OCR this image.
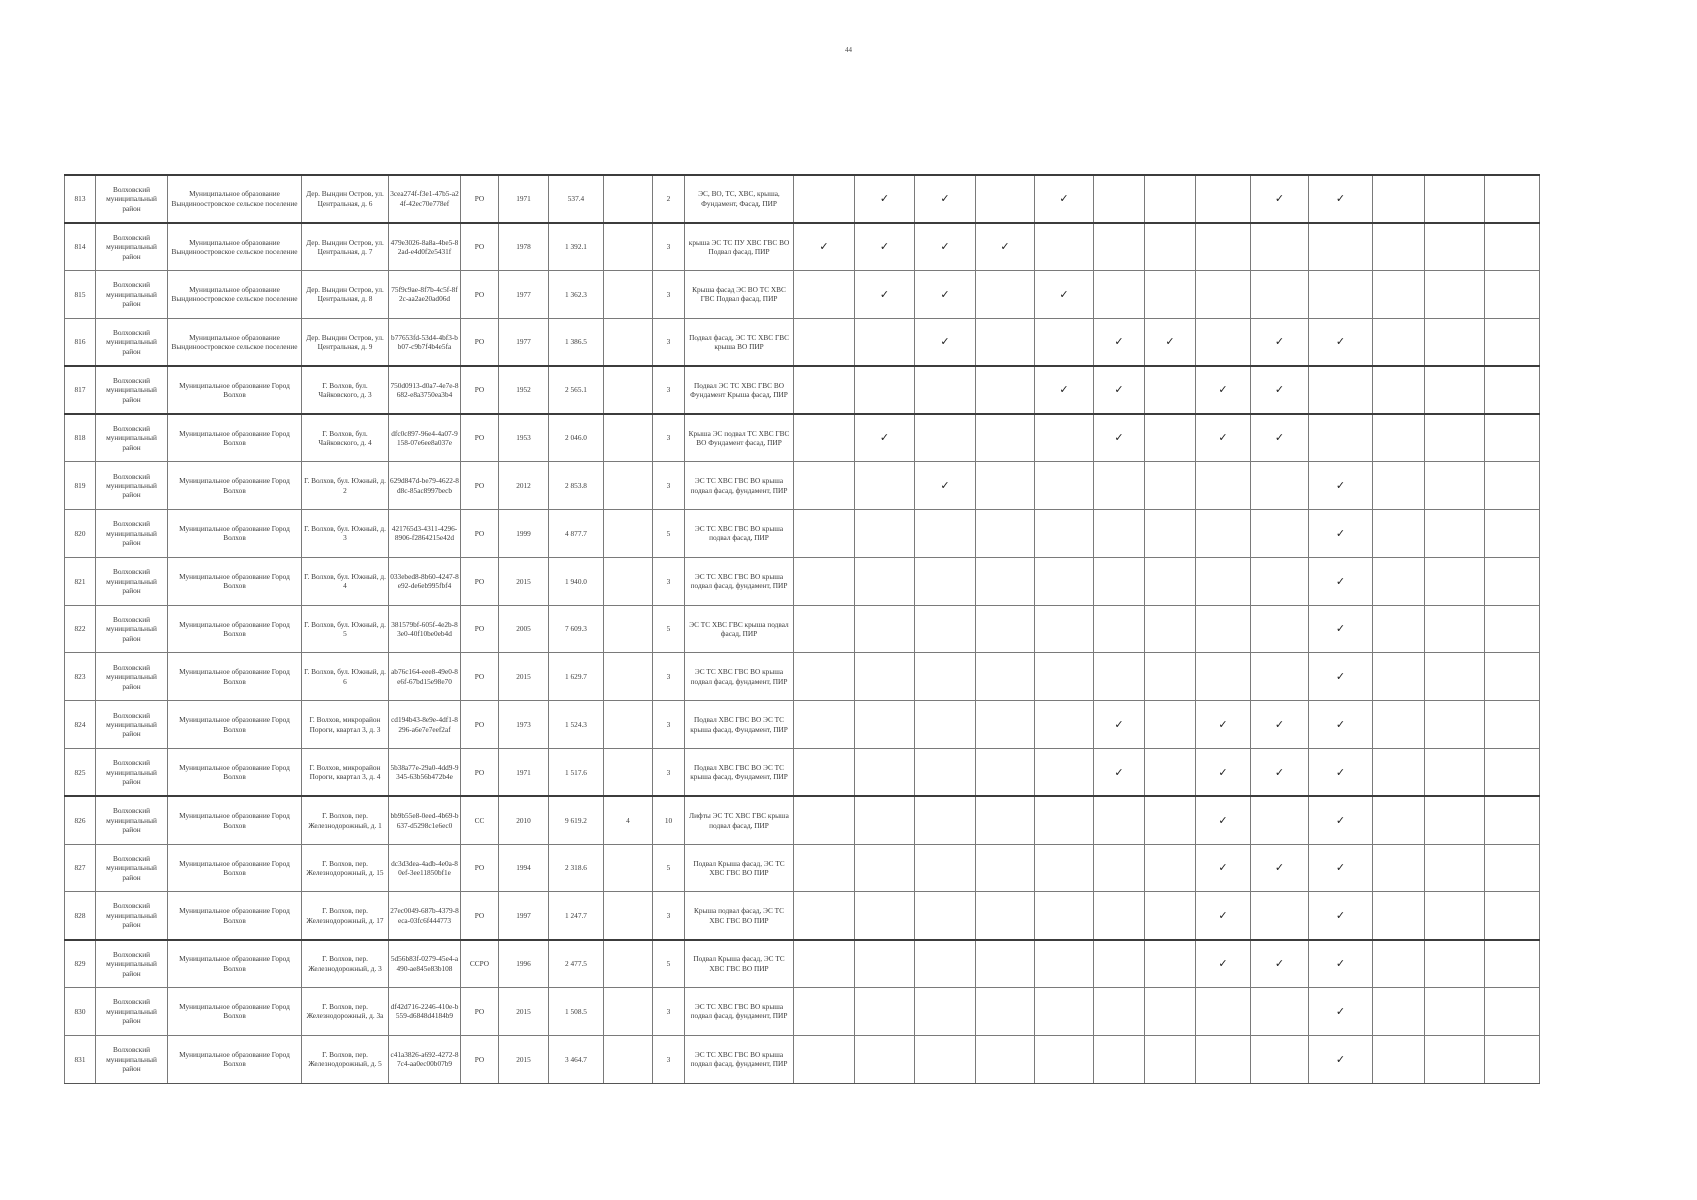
44
813	Волховский муниципальный район	Муниципальное образование Вындиноостровское сельское поселение	Дер. Вындин Остров, ул. Центральная, д. 6	3cea274f-f3e1-47b5-a24f-42ec70e778ef	РО	1971	537.4		2	ЭС, ВО, ТС, ХВС, крыша, Фундамент, Фасад, ПИР		✓	✓		✓				✓	✓			
814	Волховский муниципальный район	Муниципальное образование Вындиноостровское сельское поселение	Дер. Вындин Остров, ул. Центральная, д. 7	479e3026-8a8a-4be5-82ad-e4d0f2e5431f	РО	1978	1 392.1		3	крыша ЭС ТС ПУ ХВС ГВС ВО Подвал фасад, ПИР	✓	✓	✓	✓									
815	Волховский муниципальный район	Муниципальное образование Вындиноостровское сельское поселение	Дер. Вындин Остров, ул. Центральная, д. 8	75f9c9ae-8f7b-4c5f-8f2c-aa2ae20ad06d	РО	1977	1 362.3		3	Крыша фасад ЭС ВО ТС ХВС ГВС Подвал фасад, ПИР		✓	✓		✓								
816	Волховский муниципальный район	Муниципальное образование Вындиноостровское сельское поселение	Дер. Вындин Остров, ул. Центральная, д. 9	b77653fd-53d4-4bf3-bb07-c9b7f4b4e5fa	РО	1977	1 386.5		3	Подвал фасад, ЭС ТС ХВС ГВС крыша ВО ПИР			✓			✓	✓		✓	✓			
817	Волховский муниципальный район	Муниципальное образование Город Волхов	Г. Волхов, бул. Чайковского, д. 3	750d0913-d0a7-4e7e-8682-e8a3750ea3b4	РО	1952	2 565.1		3	Подвал ЭС ТС ХВС ГВС ВО Фундамент Крыша фасад, ПИР					✓	✓		✓	✓				
818	Волховский муниципальный район	Муниципальное образование Город Волхов	Г. Волхов, бул. Чайковского, д. 4	dfc0c897-96e4-4a07-9158-07e6ee8a037e	РО	1953	2 046.0		3	Крыша ЭС подвал ТС ХВС ГВС ВО Фундамент фасад, ПИР		✓				✓		✓	✓				
819	Волховский муниципальный район	Муниципальное образование Город Волхов	Г. Волхов, бул. Южный, д. 2	629d847d-be79-4622-8d8c-85ac8997becb	РО	2012	2 853.8		3	ЭС ТС ХВС ГВС ВО крыша подвал фасад, фундамент, ПИР			✓							✓			
820	Волховский муниципальный район	Муниципальное образование Город Волхов	Г. Волхов, бул. Южный, д. 3	421765d3-4311-4296-8906-f2864215e42d	РО	1999	4 877.7		5	ЭС ТС ХВС ГВС ВО крыша подвал фасад, ПИР										✓			
821	Волховский муниципальный район	Муниципальное образование Город Волхов	Г. Волхов, бул. Южный, д. 4	033ebed8-8b60-4247-8e92-de6eb995fbf4	РО	2015	1 940.0		3	ЭС ТС ХВС ГВС ВО крыша подвал фасад, фундамент, ПИР										✓			
822	Волховский муниципальный район	Муниципальное образование Город Волхов	Г. Волхов, бул. Южный, д. 5	381579bf-605f-4e2b-83e0-40f10be0eb4d	РО	2005	7 609.3		5	ЭС ТС ХВС ГВС крыша подвал фасад, ПИР										✓			
823	Волховский муниципальный район	Муниципальное образование Город Волхов	Г. Волхов, бул. Южный, д. 6	ab76c164-eee8-49e0-8e6f-67bd15e98e70	РО	2015	1 629.7		3	ЭС ТС ХВС ГВС ВО крыша подвал фасад, фундамент, ПИР										✓			
824	Волховский муниципальный район	Муниципальное образование Город Волхов	Г. Волхов, микрорайон Пороги, квартал 3, д. 3	cd194b43-8e9e-4df1-8296-a6e7e7eef2af	РО	1973	1 524.3		3	Подвал ХВС ГВС ВО ЭС ТС крыша фасад, Фундамент, ПИР						✓		✓	✓	✓			
825	Волховский муниципальный район	Муниципальное образование Город Волхов	Г. Волхов, микрорайон Пороги, квартал 3, д. 4	5b38a77e-29a0-4dd9-9345-63b56b472b4e	РО	1971	1 517.6		3	Подвал ХВС ГВС ВО ЭС ТС крыша фасад, Фундамент, ПИР						✓		✓	✓	✓			
826	Волховский муниципальный район	Муниципальное образование Город Волхов	Г. Волхов, пер. Железнодорожный, д. 1	bb9b55e8-0eed-4b69-b637-d5298c1e6ec0	СС	2010	9 619.2	4	10	Лифты ЭС ТС ХВС ГВС крыша подвал фасад, ПИР								✓		✓			
827	Волховский муниципальный район	Муниципальное образование Город Волхов	Г. Волхов, пер. Железнодорожный, д. 15	dc3d3dea-4adb-4e0a-80ef-3ee11850bf1e	РО	1994	2 318.6		5	Подвал Крыша фасад, ЭС ТС ХВС ГВС ВО ПИР								✓	✓	✓			
828	Волховский муниципальный район	Муниципальное образование Город Волхов	Г. Волхов, пер. Железнодорожный, д. 17	27ec0049-687b-4379-8eca-03fc6f444773	РО	1997	1 247.7		3	Крыша подвал фасад, ЭС ТС ХВС ГВС ВО ПИР								✓		✓			
829	Волховский муниципальный район	Муниципальное образование Город Волхов	Г. Волхов, пер. Железнодорожный, д. 3	5d56b83f-0279-45e4-a490-ae845e83b108	ССРО	1996	2 477.5		5	Подвал Крыша фасад, ЭС ТС ХВС ГВС ВО ПИР								✓	✓	✓			
830	Волховский муниципальный район	Муниципальное образование Город Волхов	Г. Волхов, пер. Железнодорожный, д. 3а	df42d716-2246-410e-b559-d6848d4184b9	РО	2015	1 508.5		3	ЭС ТС ХВС ГВС ВО крыша подвал фасад, фундамент, ПИР										✓			
831	Волховский муниципальный район	Муниципальное образование Город Волхов	Г. Волхов, пер. Железнодорожный, д. 5	c41a3826-a692-4272-87c4-aa0ec00b07b9	РО	2015	3 464.7		3	ЭС ТС ХВС ГВС ВО крыша подвал фасад, фундамент, ПИР										✓			
